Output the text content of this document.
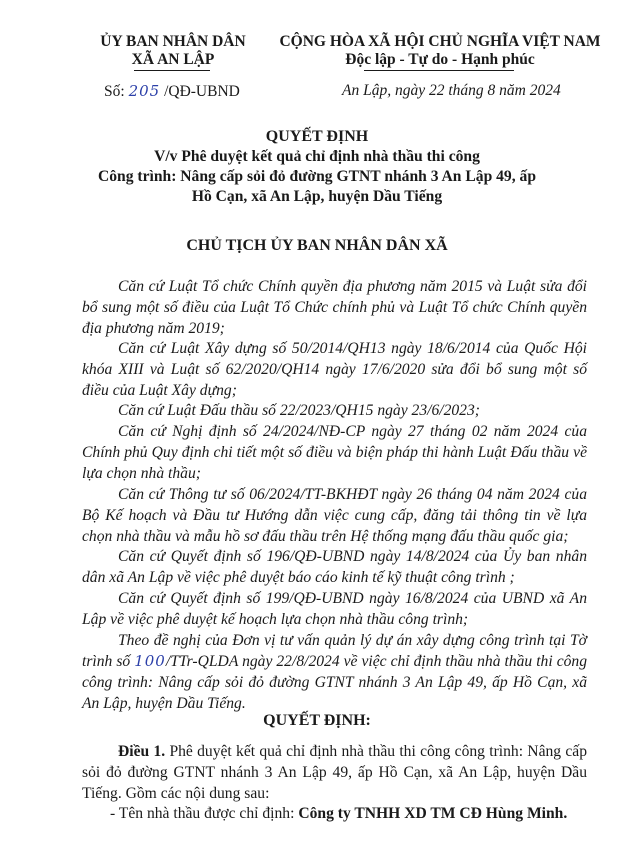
ỦY BAN NHÂN DÂN
XÃ AN LẬP
CỘNG HÒA XÃ HỘI CHỦ NGHĨA VIỆT NAM
Độc lập - Tự do - Hạnh phúc
Số: 205 /QĐ-UBND	An Lập, ngày 22 tháng 8 năm 2024
QUYẾT ĐỊNH
V/v Phê duyệt kết quả chỉ định nhà thầu thi công
Công trình: Nâng cấp sỏi đỏ đường GTNT nhánh 3 An Lập 49, ấp
Hồ Cạn, xã An Lập, huyện Dầu Tiếng
CHỦ TỊCH ỦY BAN NHÂN DÂN XÃ
Căn cứ Luật Tổ chức Chính quyền địa phương năm 2015 và Luật sửa đổi bổ sung một số điều của Luật Tổ Chức chính phủ và Luật Tổ chức Chính quyền địa phương năm 2019;
Căn cứ Luật Xây dựng số 50/2014/QH13 ngày 18/6/2014 của Quốc Hội khóa XIII và Luật số 62/2020/QH14 ngày 17/6/2020 sửa đổi bổ sung một số điều của Luật Xây dựng;
Căn cứ Luật Đấu thầu số 22/2023/QH15 ngày 23/6/2023;
Căn cứ Nghị định số 24/2024/NĐ-CP ngày 27 tháng 02 năm 2024 của Chính phủ Quy định chi tiết một số điều và biện pháp thi hành Luật Đấu thầu về lựa chọn nhà thầu;
Căn cứ Thông tư số 06/2024/TT-BKHĐT ngày 26 tháng 04 năm 2024 của Bộ Kế hoạch và Đầu tư Hướng dẫn việc cung cấp, đăng tải thông tin về lựa chọn nhà thầu và mẫu hồ sơ đấu thầu trên Hệ thống mạng đấu thầu quốc gia;
Căn cứ Quyết định số 196/QĐ-UBND ngày 14/8/2024 của Ủy ban nhân dân xã An Lập về việc phê duyệt báo cáo kinh tế kỹ thuật công trình ;
Căn cứ Quyết định số 199/QĐ-UBND ngày 16/8/2024 của UBND xã An Lập về việc phê duyệt kế hoạch lựa chọn nhà thầu công trình;
Theo đề nghị của Đơn vị tư vấn quản lý dự án xây dựng công trình tại Tờ trình số 100/TTr-QLDA ngày 22/8/2024 về việc chỉ định thầu nhà thầu thi công công trình: Nâng cấp sỏi đỏ đường GTNT nhánh 3 An Lập 49, ấp Hồ Cạn, xã An Lập, huyện Dầu Tiếng.
QUYẾT ĐỊNH:
Điều 1. Phê duyệt kết quả chỉ định nhà thầu thi công công trình: Nâng cấp sỏi đỏ đường GTNT nhánh 3 An Lập 49, ấp Hồ Cạn, xã An Lập, huyện Dầu Tiếng. Gồm các nội dung sau:
- Tên nhà thầu được chỉ định: Công ty TNHH XD TM CĐ Hùng Minh.
